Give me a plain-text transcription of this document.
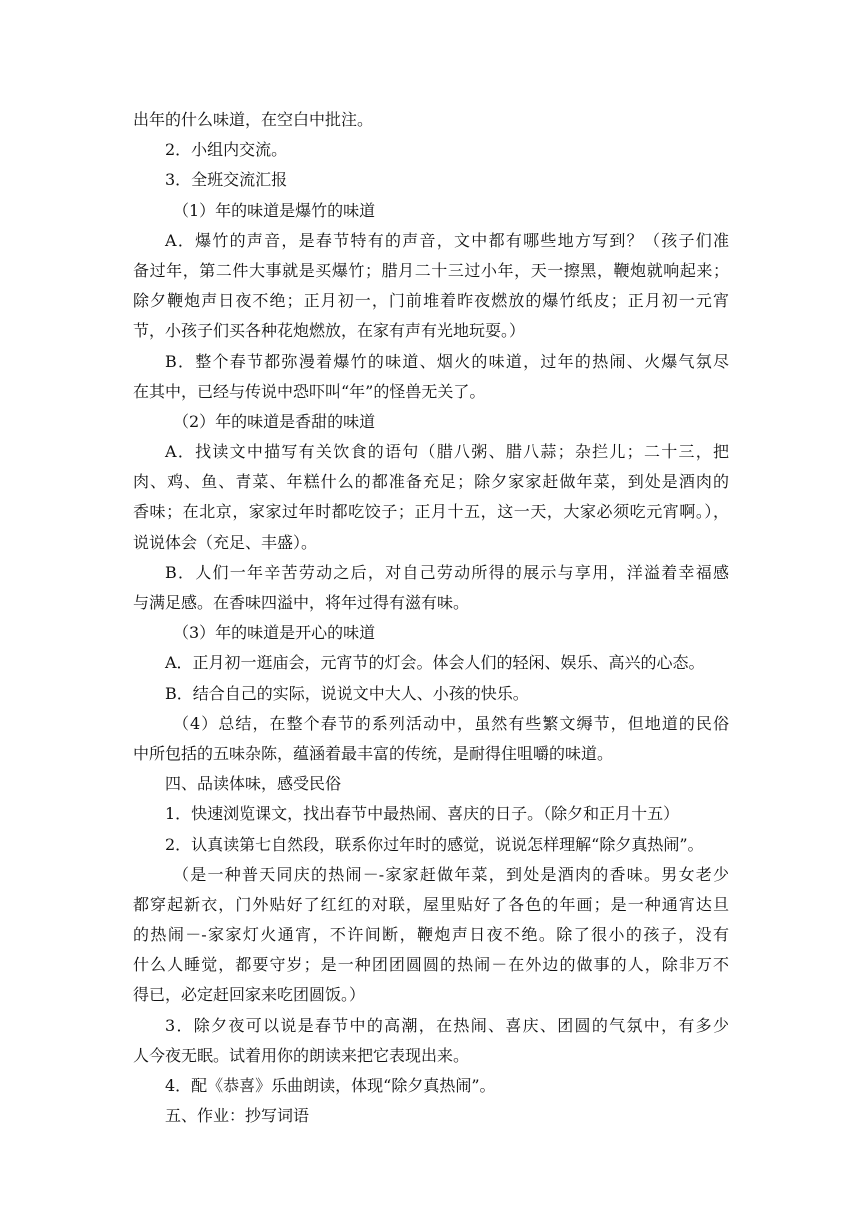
出年的什么味道，在空白中批注。
2．小组内交流。
3．全班交流汇报
（1）年的味道是爆竹的味道
A．爆竹的声音，是春节特有的声音，文中都有哪些地方写到？（孩子们准
备过年，第二件大事就是买爆竹；腊月二十三过小年，天一擦黑，鞭炮就响起来；
除夕鞭炮声日夜不绝；正月初一，门前堆着昨夜燃放的爆竹纸皮；正月初一元宵
节，小孩子们买各种花炮燃放，在家有声有光地玩耍。）
B．整个春节都弥漫着爆竹的味道、烟火的味道，过年的热闹、火爆气氛尽
在其中，已经与传说中恐吓叫“年”的怪兽无关了。
（2）年的味道是香甜的味道
A．找读文中描写有关饮食的语句（腊八粥、腊八蒜；杂拦儿；二十三，把
肉、鸡、鱼、青菜、年糕什么的都准备充足；除夕家家赶做年菜，到处是酒肉的
香味；在北京，家家过年时都吃饺子；正月十五，这一天，大家必须吃元宵啊。），
说说体会（充足、丰盛）。
B．人们一年辛苦劳动之后，对自己劳动所得的展示与享用，洋溢着幸福感
与满足感。在香味四溢中，将年过得有滋有味。
（3）年的味道是开心的味道
A．正月初一逛庙会，元宵节的灯会。体会人们的轻闲、娱乐、高兴的心态。
B．结合自己的实际，说说文中大人、小孩的快乐。
（4）总结，在整个春节的系列活动中，虽然有些繁文缛节，但地道的民俗
中所包括的五味杂陈，蕴涵着最丰富的传统，是耐得住咀嚼的味道。
四、品读体味，感受民俗
1．快速浏览课文，找出春节中最热闹、喜庆的日子。（除夕和正月十五）
2．认真读第七自然段，联系你过年时的感觉，说说怎样理解“除夕真热闹”。
（是一种普天同庆的热闹－-家家赶做年菜，到处是酒肉的香味。男女老少
都穿起新衣，门外贴好了红红的对联，屋里贴好了各色的年画；是一种通宵达旦
的热闹－-家家灯火通宵，不许间断，鞭炮声日夜不绝。除了很小的孩子，没有
什么人睡觉，都要守岁；是一种团团圆圆的热闹－在外边的做事的人，除非万不
得已，必定赶回家来吃团圆饭。）
3．除夕夜可以说是春节中的高潮，在热闹、喜庆、团圆的气氛中，有多少
人今夜无眠。试着用你的朗读来把它表现出来。
4．配《恭喜》乐曲朗读，体现“除夕真热闹”。
五、作业：抄写词语
